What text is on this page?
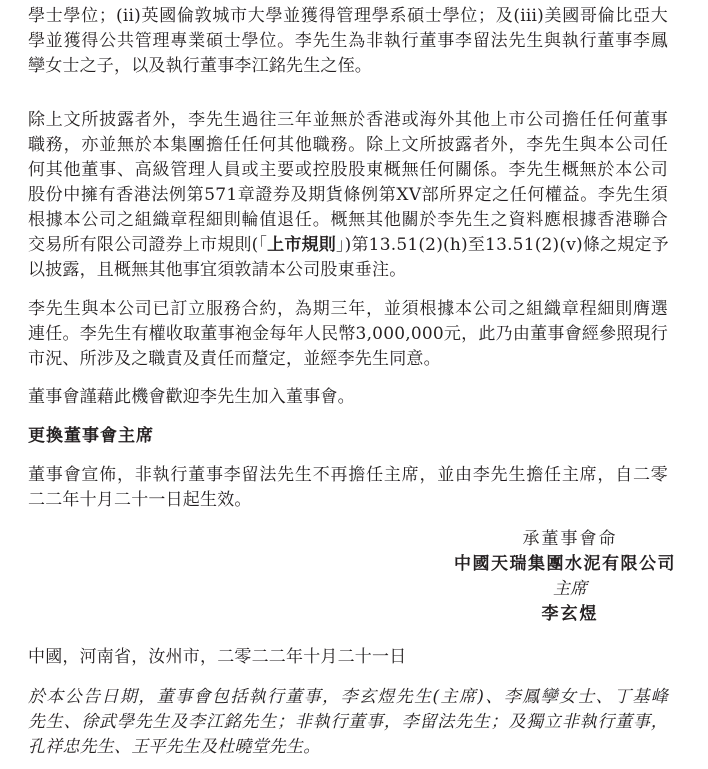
學士學位；(ii)英國倫敦城市大學並獲得管理學系碩士學位；及(iii)美國哥倫比亞大
學並獲得公共管理專業碩士學位。李先生為非執行董事李留法先生與執行董事李鳳
孿女士之子，以及執行董事李江銘先生之侄。
除上文所披露者外，李先生過往三年並無於香港或海外其他上市公司擔任任何董事
職務，亦並無於本集團擔任任何其他職務。除上文所披露者外，李先生與本公司任
何其他董事、高級管理人員或主要或控股股東概無任何關係。李先生概無於本公司
股份中擁有香港法例第571章證券及期貨條例第XV部所界定之任何權益。李先生須
根據本公司之組織章程細則輪值退任。概無其他關於李先生之資料應根據香港聯合
交易所有限公司證券上市規則(「上市規則」)第13.51(2)(h)至13.51(2)(v)條之規定予
以披露，且概無其他事宜須敦請本公司股東垂注。
李先生與本公司已訂立服務合約，為期三年，並須根據本公司之組織章程細則膺選
連任。李先生有權收取董事袍金每年人民幣3,000,000元，此乃由董事會經參照現行
市況、所涉及之職責及責任而釐定，並經李先生同意。
董事會謹藉此機會歡迎李先生加入董事會。
更換董事會主席
董事會宣佈，非執行董事李留法先生不再擔任主席，並由李先生擔任主席，自二零
二二年十月二十一日起生效。
承董事會命
中國天瑞集團水泥有限公司
主席
李玄煜
中國，河南省，汝州市，二零二二年十月二十一日
於本公告日期，董事會包括執行董事，李玄煜先生(主席)、李鳳孿女士、丁基峰
先生、徐武學先生及李江銘先生；非執行董事，李留法先生；及獨立非執行董事，
孔祥忠先生、王平先生及杜曉堂先生。
